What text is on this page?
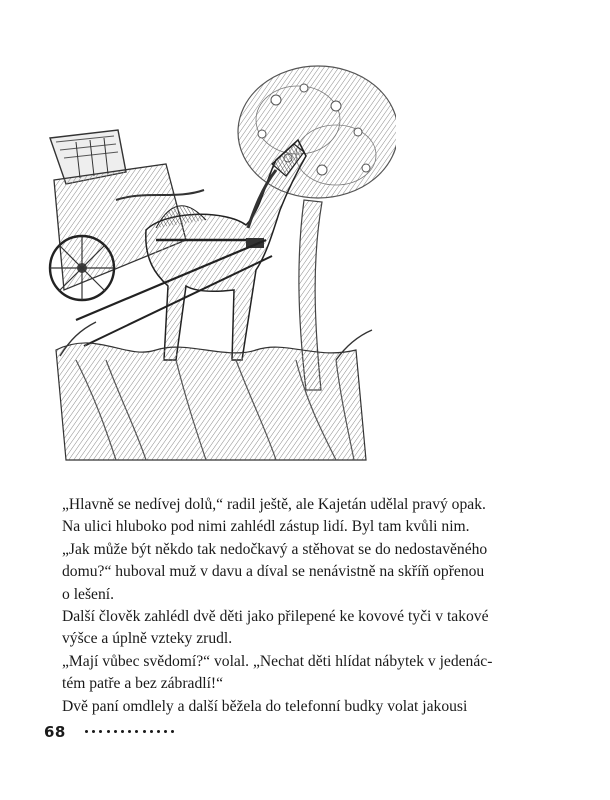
„Hlavně se nedívej dolů,“ radil ještě, ale Kajetán udělal pravý opak.

Na ulici hluboko pod nimi zahlédl zástup lidí. Byl tam kvůli nim.

„Jak může být někdo tak nedočkavý a stěhovat se do nedostavěného
domu?“ huboval muž v davu a díval se nenávistně na skříň opřenou
o lešení.

Další člověk zahlédl dvě děti jako přilepené ke kovové tyči v takové
výšce a úplně vzteky zrudl.

„Mají vůbec svědomí?“ volal. „Nechat děti hlídat nábytek v jedenác-
tém patře a bez zábradlí!“

Dvě paní omdlely a další běžela do telefonní budky volat jakousi

68
